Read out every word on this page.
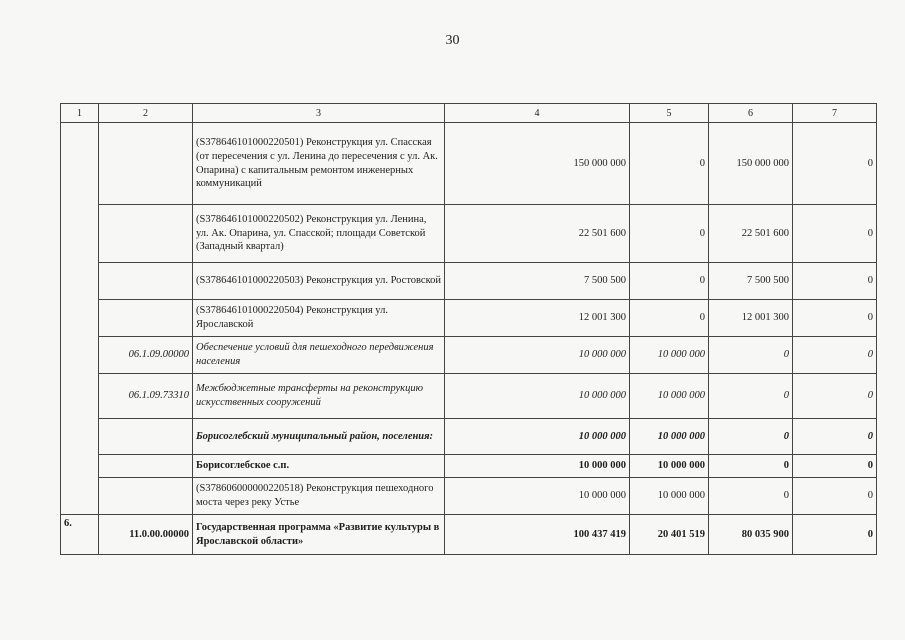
30
1	2	3	4	5	6	7
		(S378646101000220501) Реконструкция ул. Спасская (от пересечения с ул. Ленина до пересечения с ул. Ак. Опарина) с капитальным ремонтом инженерных коммуникаций	150 000 000	0	150 000 000	0
		(S378646101000220502) Реконструкция ул. Ленина, ул. Ак. Опарина, ул. Спасской; площади Советской (Западный квартал)	22 501 600	0	22 501 600	0
		(S378646101000220503) Реконструкция ул. Ростовской	7 500 500	0	7 500 500	0
		(S378646101000220504) Реконструкция ул. Ярославской	12 001 300	0	12 001 300	0
	06.1.09.00000	Обеспечение условий для пешеходного передвижения населения	10 000 000	10 000 000	0	0
	06.1.09.73310	Межбюджетные трансферты на реконструкцию искусственных сооружений	10 000 000	10 000 000	0	0
		Борисоглебский муниципальный район, поселения:	10 000 000	10 000 000	0	0
		Борисоглебское с.п.	10 000 000	10 000 000	0	0
		(S378606000000220518) Реконструкция пешеходного моста через реку Устье	10 000 000	10 000 000	0	0
6.	11.0.00.00000	Государственная программа «Развитие культуры в Ярославской области»	100 437 419	20 401 519	80 035 900	0
